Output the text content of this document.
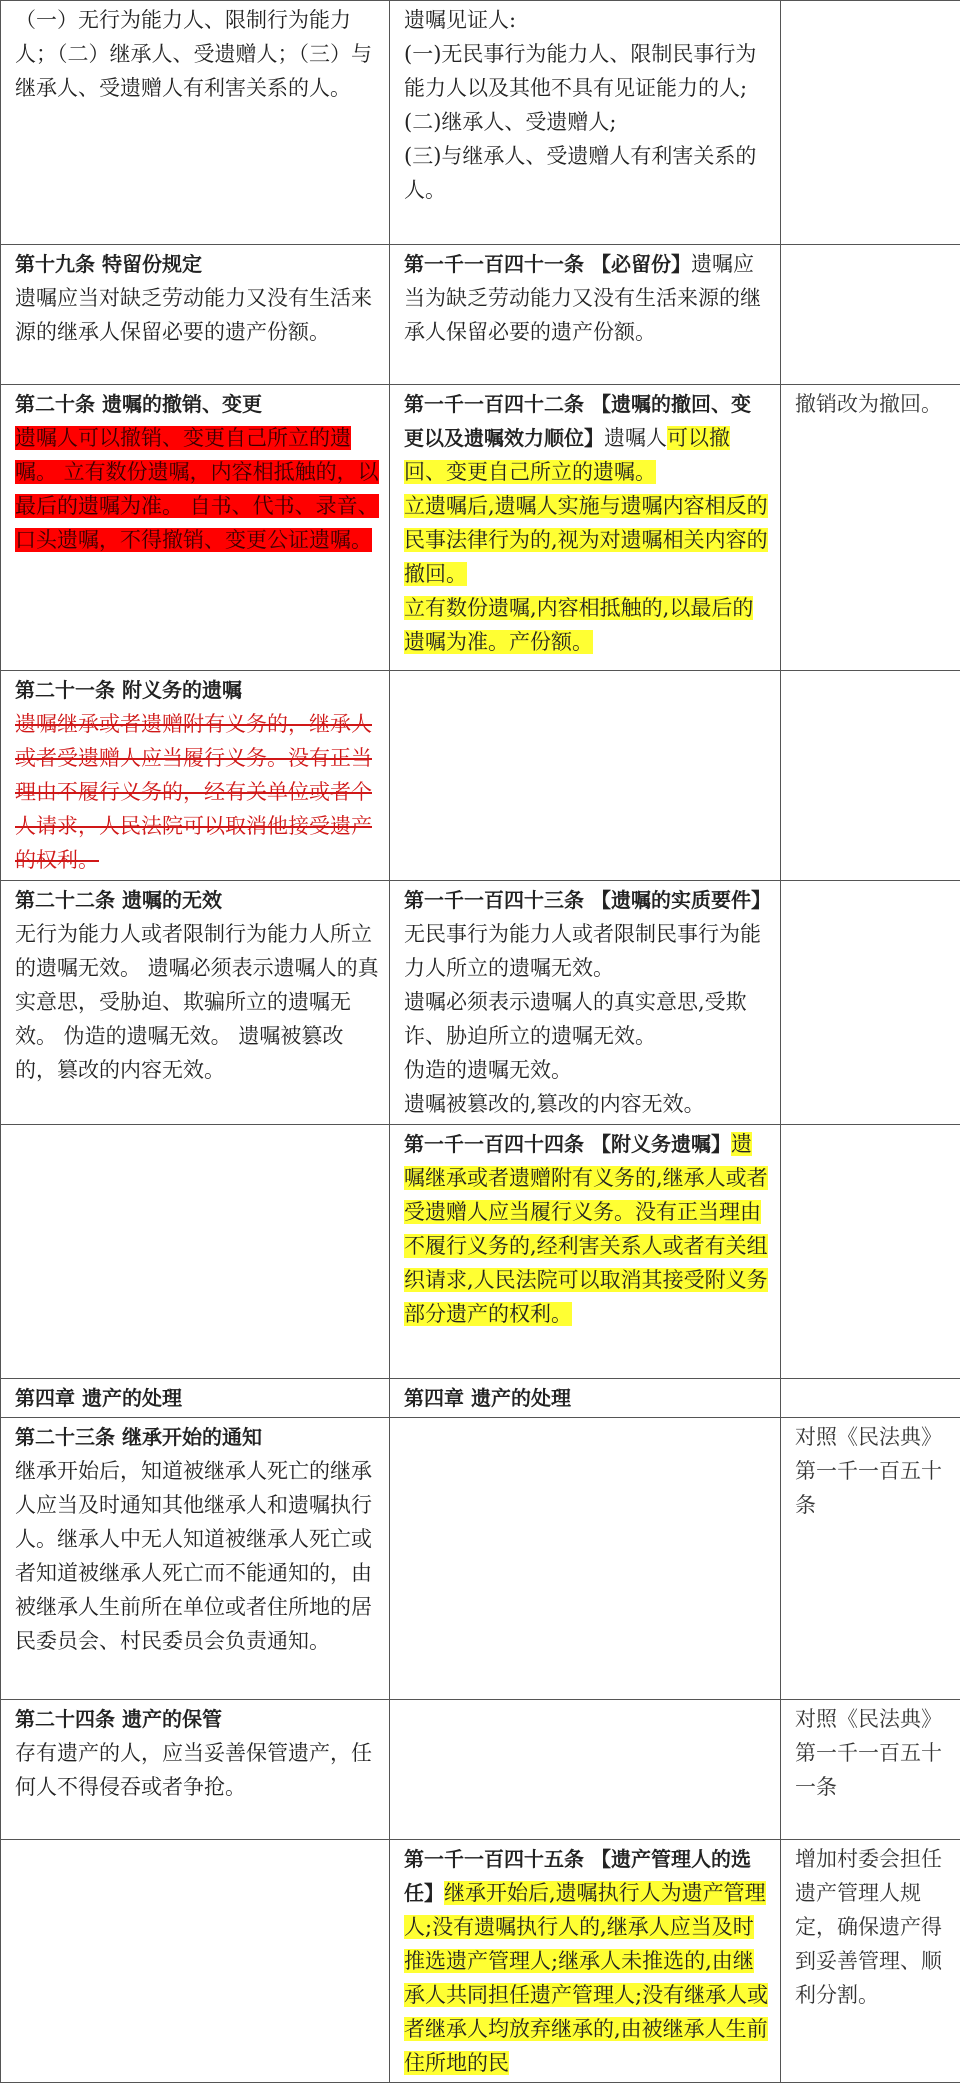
（一）无行为能力人、限制行为能力人；（二）继承人、受遗赠人；（三）与继承人、受遗赠人有利害关系的人。	遗嘱见证人:
(一)无民事行为能力人、限制民事行为能力人以及其他不具有见证能力的人;
(二)继承人、受遗赠人;
(三)与继承人、受遗赠人有利害关系的人。	

第十九条 特留份规定
遗嘱应当对缺乏劳动能力又没有生活来源的继承人保留必要的遗产份额。	第一千一百四十一条 【必留份】遗嘱应当为缺乏劳动能力又没有生活来源的继承人保留必要的遗产份额。	

第二十条 遗嘱的撤销、变更
遗嘱人可以撤销、变更自己所立的遗嘱。 立有数份遗嘱，内容相抵触的，以最后的遗嘱为准。 自书、代书、录音、口头遗嘱，不得撤销、变更公证遗嘱。	第一千一百四十二条 【遗嘱的撤回、变更以及遗嘱效力顺位】遗嘱人可以撤回、变更自己所立的遗嘱。
立遗嘱后,遗嘱人实施与遗嘱内容相反的民事法律行为的,视为对遗嘱相关内容的撤回。
立有数份遗嘱,内容相抵触的,以最后的遗嘱为准。产份额。	撤销改为撤回。

第二十一条 附义务的遗嘱
遗嘱继承或者遗赠附有义务的，继承人或者受遗赠人应当履行义务。没有正当理由不履行义务的，经有关单位或者个人请求，人民法院可以取消他接受遗产的权利。		

第二十二条 遗嘱的无效
无行为能力人或者限制行为能力人所立的遗嘱无效。 遗嘱必须表示遗嘱人的真实意思，受胁迫、欺骗所立的遗嘱无效。 伪造的遗嘱无效。 遗嘱被篡改的，篡改的内容无效。	第一千一百四十三条 【遗嘱的实质要件】无民事行为能力人或者限制民事行为能力人所立的遗嘱无效。
遗嘱必须表示遗嘱人的真实意思,受欺诈、胁迫所立的遗嘱无效。
伪造的遗嘱无效。
遗嘱被篡改的,篡改的内容无效。	

	第一千一百四十四条 【附义务遗嘱】遗嘱继承或者遗赠附有义务的,继承人或者受遗赠人应当履行义务。没有正当理由不履行义务的,经利害关系人或者有关组织请求,人民法院可以取消其接受附义务部分遗产的权利。	

第四章 遗产的处理	第四章 遗产的处理	

第二十三条 继承开始的通知
继承开始后，知道被继承人死亡的继承人应当及时通知其他继承人和遗嘱执行人。继承人中无人知道被继承人死亡或者知道被继承人死亡而不能通知的，由被继承人生前所在单位或者住所地的居民委员会、村民委员会负责通知。		对照《民法典》第一千一百五十条

第二十四条 遗产的保管
存有遗产的人，应当妥善保管遗产，任何人不得侵吞或者争抢。		对照《民法典》第一千一百五十一条

	第一千一百四十五条 【遗产管理人的选任】继承开始后,遗嘱执行人为遗产管理人;没有遗嘱执行人的,继承人应当及时推选遗产管理人;继承人未推选的,由继承人共同担任遗产管理人;没有继承人或者继承人均放弃继承的,由被继承人生前住所地的民	增加村委会担任遗产管理人规定，确保遗产得到妥善管理、顺利分割。
